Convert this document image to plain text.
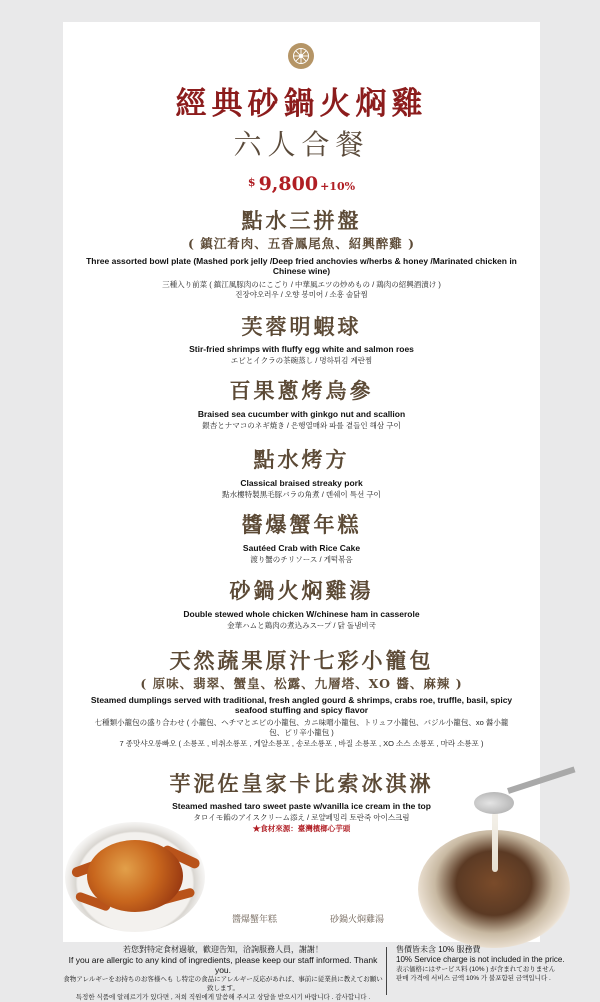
經典砂鍋火焖雞
六人合餐
$ 9,800 +10%
點水三拼盤
( 鎮江肴肉、五香鳳尾魚、紹興醉雞 )
Three assorted bowl plate (Mashed pork jelly /Deep fried anchovies w/herbs & honey /Marinated chicken in Chinese wine)
三種入り前菜 ( 鎮江風豚肉のにこごり / 中華風エツの炒めもの / 鶏肉の紹興酒漬け )
진장야오러우 / 오향 봉미어 / 소흥 술닭찜
芙蓉明蝦球
Stir-fried shrimps with fluffy egg white and salmon roes
エビとイクラの茶碗蒸し / 명하튀김 계란찜
百果蔥烤烏參
Braised sea cucumber with ginkgo nut and scallion
銀杏とナマコのネギ焼き / 은행열매와 파를 곁들인 해삼 구이
點水烤方
Classical braised streaky pork
點水樓特製黒毛豚バラの角煮 / 뎬쉐이 특선 구이
醬爆蟹年糕
Sautéed Crab with Rice Cake
渡り蟹のチリソース / 게떡볶음
砂鍋火焖雞湯
Double stewed whole chicken W/chinese ham in casserole
金華ハムと鶏肉の煮込みスープ / 닭 돌냄비국
天然蔬果原汁七彩小籠包
( 原味、翡翠、蟹皇、松露、九層塔、XO 醬、麻辣 )
Steamed dumplings served with traditional, fresh angled gourd & shrimps, crabs roe, truffle, basil, spicy seafood stuffing and spicy flavor
七種類小籠包の盛り合わせ ( 小籠包、ヘチマとエビの小籠包、カニ味噌小籠包、トリュフ小籠包、バジル小籠包、xo 醤小籠包、ピリ辛小籠包 )
7 종맛샤오롱빠오 ( 소룡포 , 비취소룡포 , 게알소룡포 , 송로소룡포 , 바질 소룡포 , XO 소스 소룡포 , 마라 소룡포 )
芋泥佐皇家卡比索冰淇淋
Steamed mashed taro sweet paste w/vanilla ice cream in the top
タロイモ餡のアイスクリーム添え / 로얄페밍리 토란죽 아이스크림
★食材來源：臺灣檳榔心芋頭
醬爆蟹年糕	砂鍋火焖雞湯
若您對特定食材過敏，歡迎告知，洽詢服務人員，謝謝！
If you are allergic to any kind of ingredients, please keep our staff informed. Thank you.
食物アレルギーをお持ちのお客様へも し特定の食品にアレルギー反応があれば、事前に従業員に教えてお願い致します。
특정한 식품에 알레르기가 있다면 , 저희 직원에게 말씀해 주시고 상담을 받으시기 바랍니다 . 감사합니다 .
售價皆未含 10% 服務費
10% Service charge is not included in the price.
表示価格にはサービス料 (10% ) が含まれておりません
판매 가격에 서비스 금액 10% 가 불포함된 금액입니다 .
